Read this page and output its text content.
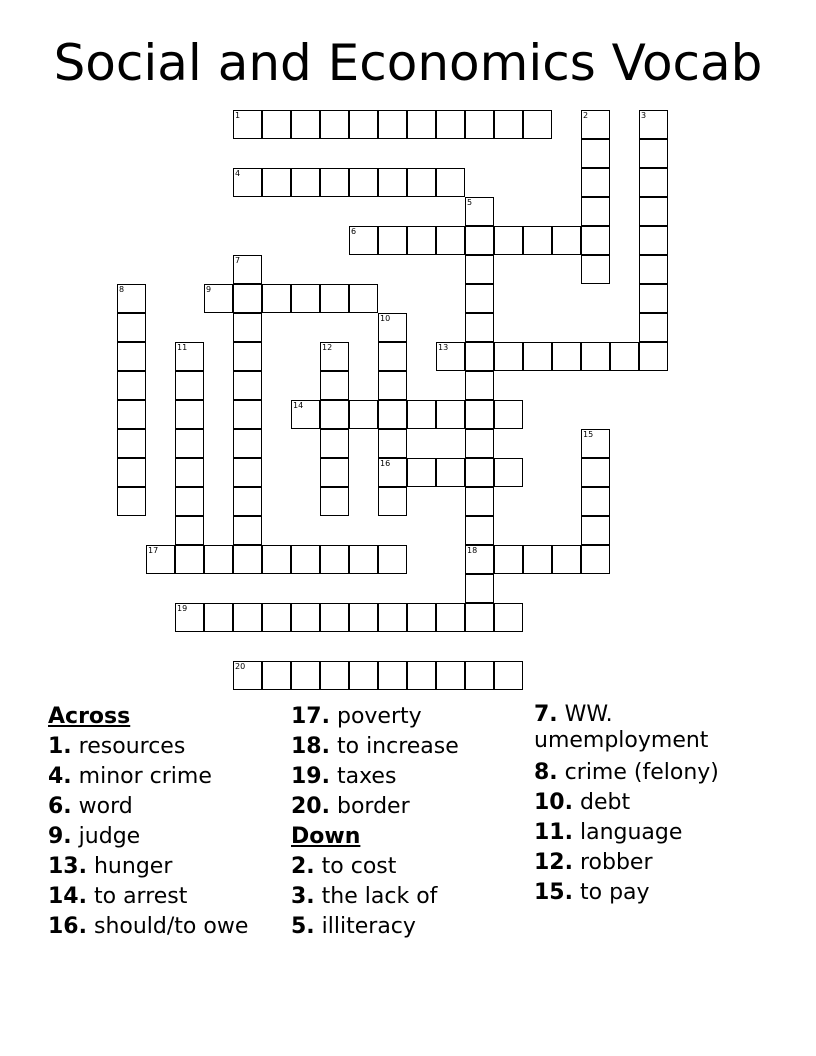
Social and Economics Vocab
1	2	3
4
5
18
6
7
8	9
10
16
11	12	13
14
15
17
19
20
Across
1. resources
4. minor crime
6. word
9. judge
13. hunger
14. to arrest
16. should/to owe
17. poverty
18. to increase
19. taxes
20. border
Down
2. to cost
3. the lack of
5. illiteracy
7. WW. umemployment
8. crime (felony)
10. debt
11. language
12. robber
15. to pay
